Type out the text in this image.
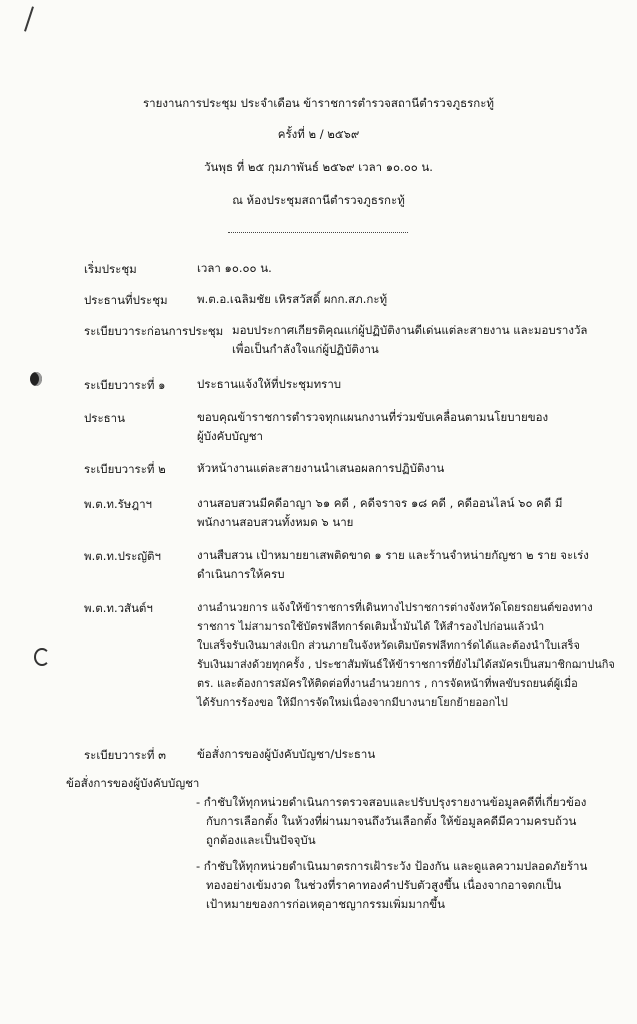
รายงานการประชุม ประจำเดือน ข้าราชการตำรวจสถานีตำรวจภูธรกะทู้
ครั้งที่ ๒ / ๒๕๖๙
วันพุธ ที่ ๒๕ กุมภาพันธ์ ๒๕๖๙ เวลา ๑๐.๐๐ น.
ณ ห้องประชุมสถานีตำรวจภูธรกะทู้
เริ่มประชุม	เวลา ๑๐.๐๐ น.
ประธานที่ประชุม	พ.ต.อ.เฉลิมชัย เหิรสวัสดิ์ ผกก.สภ.กะทู้
ระเบียบวาระก่อนการประชุม มอบประกาศเกียรติคุณแก่ผู้ปฏิบัติงานดีเด่นแต่ละสายงาน และมอบรางวัล
เพื่อเป็นกำลังใจแก่ผู้ปฏิบัติงาน
ระเบียบวาระที่ ๑	ประธานแจ้งให้ที่ประชุมทราบ
ประธาน	ขอบคุณข้าราชการตำรวจทุกแผนกงานที่ร่วมขับเคลื่อนตามนโยบายของ
ผู้บังคับบัญชา
ระเบียบวาระที่ ๒	หัวหน้างานแต่ละสายงานนำเสนอผลการปฏิบัติงาน
พ.ต.ท.รัษฎาฯ	งานสอบสวนมีคดีอาญา ๖๑ คดี , คดีจราจร ๑๘ คดี , คดีออนไลน์ ๖๐ คดี มี
พนักงานสอบสวนทั้งหมด ๖ นาย
พ.ต.ท.ประญัติฯ	งานสืบสวน เป้าหมายยาเสพติดขาด ๑ ราย และร้านจำหน่ายกัญชา ๒ ราย จะเร่ง
ดำเนินการให้ครบ
พ.ต.ท.วสันต์ฯ	งานอำนวยการ แจ้งให้ข้าราชการที่เดินทางไปราชการต่างจังหวัดโดยรถยนต์ของทาง
ราชการ ไม่สามารถใช้บัตรฟลีทการ์ดเติมน้ำมันได้ ให้สำรองไปก่อนแล้วนำ
ใบเสร็จรับเงินมาส่งเบิก ส่วนภายในจังหวัดเติมบัตรฟลีทการ์ดได้และต้องนำใบเสร็จ
รับเงินมาส่งด้วยทุกครั้ง , ประชาสัมพันธ์ให้ข้าราชการที่ยังไม่ได้สมัครเป็นสมาชิกฌาปนกิจ
ตร. และต้องการสมัครให้ติดต่อที่งานอำนวยการ , การจัดหน้าที่พลขับรถยนต์ผู้เมื่อ
ได้รับการร้องขอ ให้มีการจัดใหม่เนื่องจากมีบางนายโยกย้ายออกไป
ระเบียบวาระที่ ๓	ข้อสั่งการของผู้บังคับบัญชา/ประธาน
ข้อสั่งการของผู้บังคับบัญชา
- กำชับให้ทุกหน่วยดำเนินการตรวจสอบและปรับปรุงรายงานข้อมูลคดีที่เกี่ยวข้อง
กับการเลือกตั้ง ในห้วงที่ผ่านมาจนถึงวันเลือกตั้ง ให้ข้อมูลคดีมีความครบถ้วน
ถูกต้องและเป็นปัจจุบัน
- กำชับให้ทุกหน่วยดำเนินมาตรการเฝ้าระวัง ป้องกัน และดูแลความปลอดภัยร้าน
ทองอย่างเข้มงวด ในช่วงที่ราคาทองคำปรับตัวสูงขึ้น เนื่องจากอาจตกเป็น
เป้าหมายของการก่อเหตุอาชญากรรมเพิ่มมากขึ้น
